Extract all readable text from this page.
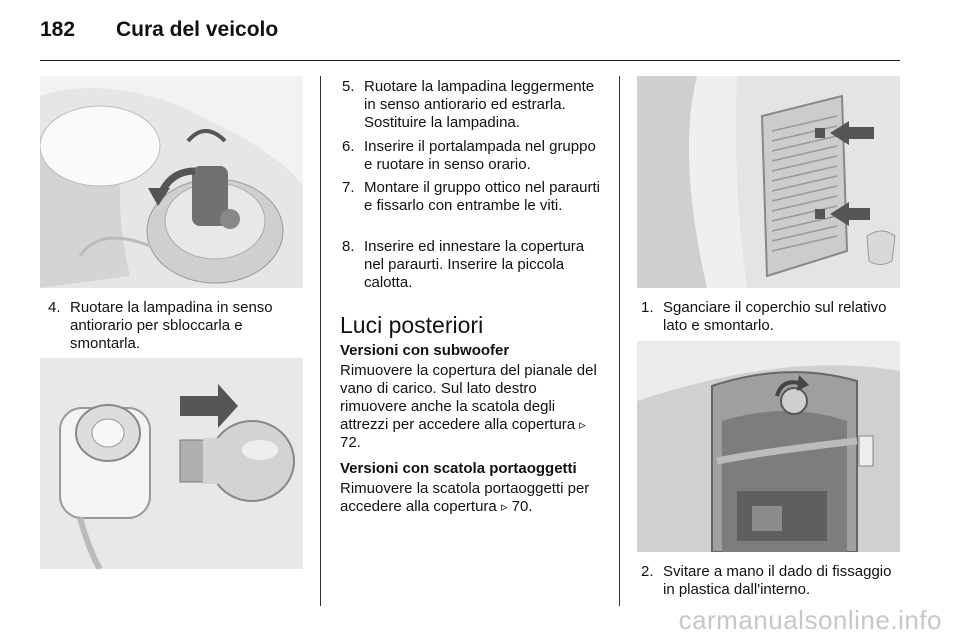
182 Cura del veicolo
4. Ruotare la lampadina in senso antiorario per sbloccarla e smontarla.
5. Ruotare la lampadina leggermente in senso antiorario ed estrarla. Sostituire la lampadina.
6. Inserire il portalampada nel gruppo e ruotare in senso orario.
7. Montare il gruppo ottico nel paraurti e fissarlo con entrambe le viti.
8. Inserire ed innestare la copertura nel paraurti. Inserire la piccola calotta.
Luci posteriori
Versioni con subwoofer
Rimuovere la copertura del pianale del vano di carico. Sul lato destro rimuovere anche la scatola degli attrezzi per accedere alla copertura ▹ 72.
Versioni con scatola portaoggetti
Rimuovere la scatola portaoggetti per accedere alla copertura ▹ 70.
1. Sganciare il coperchio sul relativo lato e smontarlo.
2. Svitare a mano il dado di fissaggio in plastica dall'interno.
carmanualsonline.info
